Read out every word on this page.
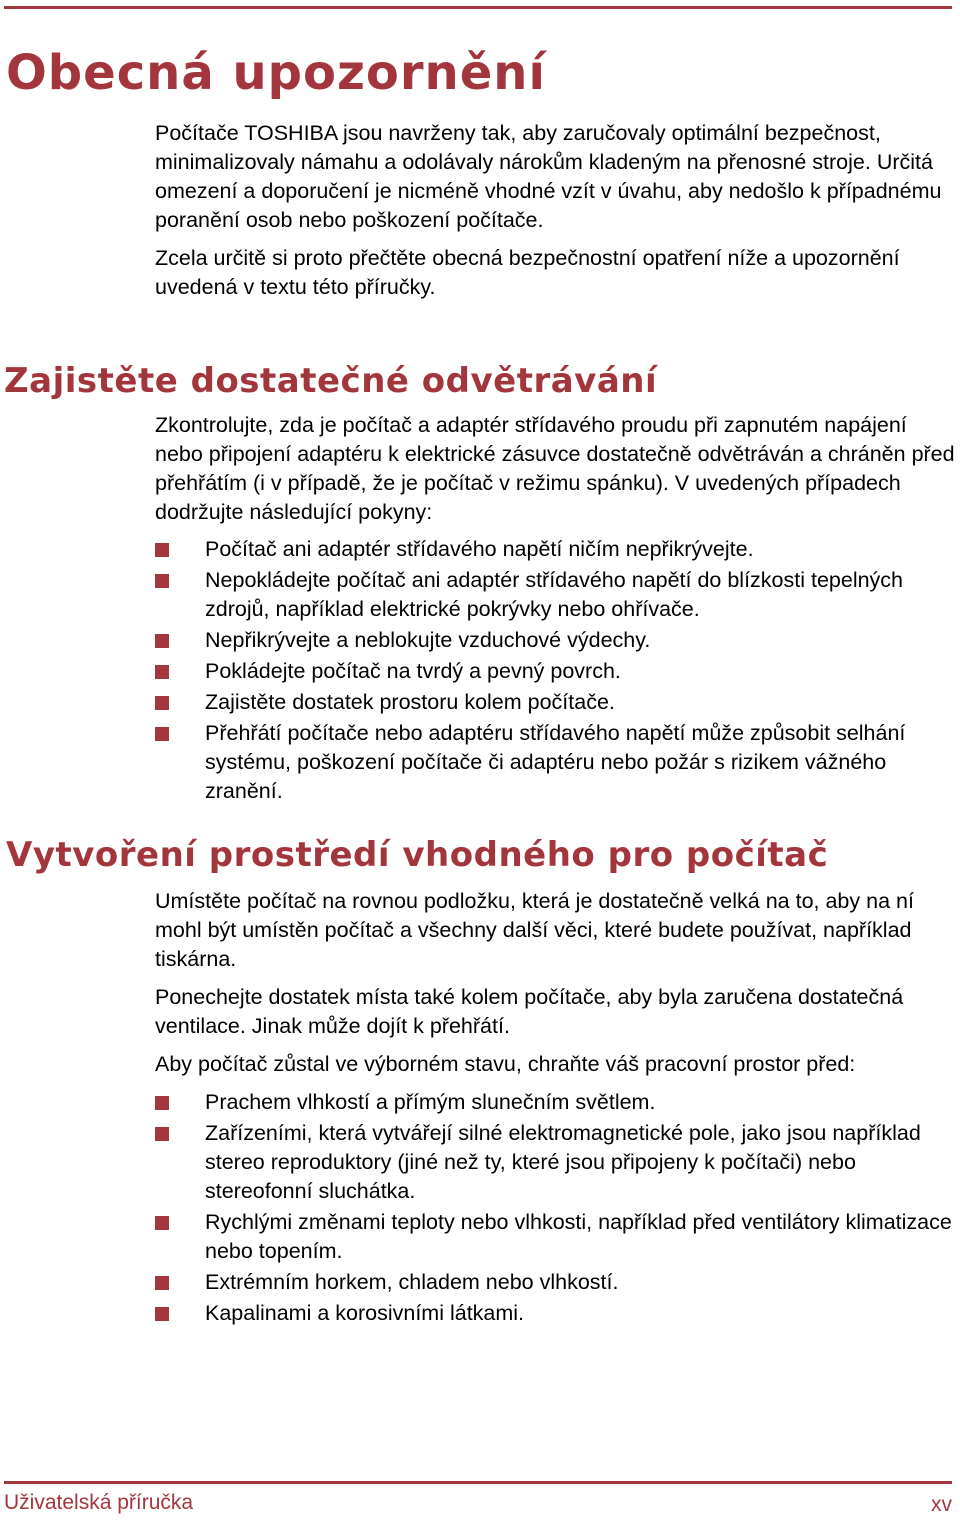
Obecná upozornění

Počítače TOSHIBA jsou navrženy tak, aby zaručovaly optimální bezpečnost, minimalizovaly námahu a odolávaly nárokům kladeným na přenosné stroje. Určitá omezení a doporučení je nicméně vhodné vzít v úvahu, aby nedošlo k případnému poranění osob nebo poškození počítače.

Zcela určitě si proto přečtěte obecná bezpečnostní opatření níže a upozornění uvedená v textu této příručky.

Zajistěte dostatečné odvětrávání

Zkontrolujte, zda je počítač a adaptér střídavého proudu při zapnutém napájení nebo připojení adaptéru k elektrické zásuvce dostatečně odvětráván a chráněn před přehřátím (i v případě, že je počítač v režimu spánku). V uvedených případech dodržujte následující pokyny:

Počítač ani adaptér střídavého napětí ničím nepřikrývejte.
Nepokládejte počítač ani adaptér střídavého napětí do blízkosti tepelných zdrojů, například elektrické pokrývky nebo ohřívače.
Nepřikrývejte a neblokujte vzduchové výdechy.
Pokládejte počítač na tvrdý a pevný povrch.
Zajistěte dostatek prostoru kolem počítače.
Přehřátí počítače nebo adaptéru střídavého napětí může způsobit selhání systému, poškození počítače či adaptéru nebo požár s rizikem vážného zranění.
Vytvoření prostředí vhodného pro počítač

Umístěte počítač na rovnou podložku, která je dostatečně velká na to, aby na ní mohl být umístěn počítač a všechny další věci, které budete používat, například tiskárna.

Ponechejte dostatek místa také kolem počítače, aby byla zaručena dostatečná ventilace. Jinak může dojít k přehřátí.

Aby počítač zůstal ve výborném stavu, chraňte váš pracovní prostor před:

Prachem vlhkostí a přímým slunečním světlem.
Zařízeními, která vytvářejí silné elektromagnetické pole, jako jsou například stereo reproduktory (jiné než ty, které jsou připojeny k počítači) nebo stereofonní sluchátka.
Rychlými změnami teploty nebo vlhkosti, například před ventilátory klimatizace nebo topením.
Extrémním horkem, chladem nebo vlhkostí.
Kapalinami a korosivními látkami.
Uživatelská příručka	xv
